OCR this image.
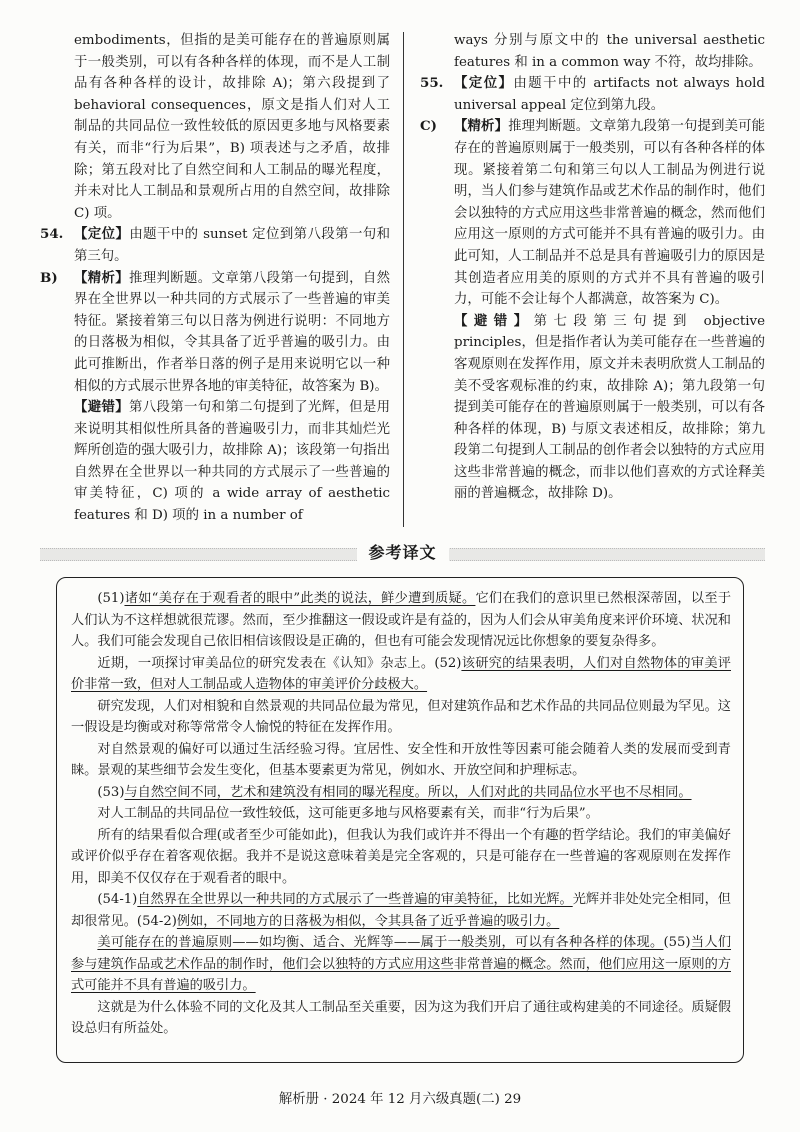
embodiments，但指的是美可能存在的普遍原则属于一般类别，可以有各种各样的体现，而不是人工制品有各种各样的设计，故排除 A)；第六段提到了 behavioral consequences，原文是指人们对人工制品的共同品位一致性较低的原因更多地与风格要素有关，而非“行为后果”，B) 项表述与之矛盾，故排除；第五段对比了自然空间和人工制品的曝光程度，并未对比人工制品和景观所占用的自然空间，故排除 C) 项。

54. 【定位】由题干中的 sunset 定位到第八段第一句和第三句。
B) 【精析】推理判断题。文章第八段第一句提到，自然界在全世界以一种共同的方式展示了一些普遍的审美特征。紧接着第三句以日落为例进行说明：不同地方的日落极为相似，令其具备了近乎普遍的吸引力。由此可推断出，作者举日落的例子是用来说明它以一种相似的方式展示世界各地的审美特征，故答案为 B)。
【避错】第八段第一句和第二句提到了光辉，但是用来说明其相似性所具备的普遍吸引力，而非其灿烂光辉所创造的强大吸引力，故排除 A)；该段第一句指出自然界在全世界以一种共同的方式展示了一些普遍的审美特征，C) 项的 a wide array of aesthetic features 和 D) 项的 in a number of

ways 分别与原文中的 the universal aesthetic features 和 in a common way 不符，故均排除。

55. 【定位】由题干中的 artifacts not always hold universal appeal 定位到第九段。
C) 【精析】推理判断题。文章第九段第一句提到美可能存在的普遍原则属于一般类别，可以有各种各样的体现。紧接着第二句和第三句以人工制品为例进行说明，当人们参与建筑作品或艺术作品的制作时，他们会以独特的方式应用这些非常普遍的概念，然而他们应用这一原则的方式可能并不具有普遍的吸引力。由此可知，人工制品并不总是具有普遍吸引力的原因是其创造者应用美的原则的方式并不具有普遍的吸引力，可能不会让每个人都满意，故答案为 C)。
【避错】第七段第三句提到 objective principles，但是指作者认为美可能存在一些普遍的客观原则在发挥作用，原文并未表明欣赏人工制品的美不受客观标准的约束，故排除 A)；第九段第一句提到美可能存在的普遍原则属于一般类别，可以有各种各样的体现，B) 与原文表述相反，故排除；第九段第二句提到人工制品的创作者会以独特的方式应用这些非常普遍的概念，而非以他们喜欢的方式诠释美丽的普遍概念，故排除 D)。
参考译文

(51)诸如“美存在于观看者的眼中”此类的说法，鲜少遭到质疑。它们在我们的意识里已然根深蒂固，以至于人们认为不这样想就很荒谬。然而，至少推翻这一假设或许是有益的，因为人们会从审美角度来评价环境、状况和人。我们可能会发现自己依旧相信该假设是正确的，但也有可能会发现情况远比你想象的要复杂得多。

近期，一项探讨审美品位的研究发表在《认知》杂志上。(52)该研究的结果表明，人们对自然物体的审美评价非常一致，但对人工制品或人造物体的审美评价分歧极大。

研究发现，人们对相貌和自然景观的共同品位最为常见，但对建筑作品和艺术作品的共同品位则最为罕见。这一假设是均衡或对称等常常令人愉悦的特征在发挥作用。

对自然景观的偏好可以通过生活经验习得。宜居性、安全性和开放性等因素可能会随着人类的发展而受到青睐。景观的某些细节会发生变化，但基本要素更为常见，例如水、开放空间和护理标志。

(53)与自然空间不同，艺术和建筑没有相同的曝光程度。所以，人们对此的共同品位水平也不尽相同。

对人工制品的共同品位一致性较低，这可能更多地与风格要素有关，而非“行为后果”。

所有的结果看似合理(或者至少可能如此)，但我认为我们或许并不得出一个有趣的哲学结论。我们的审美偏好或评价似乎存在着客观依据。我并不是说这意味着美是完全客观的，只是可能存在一些普遍的客观原则在发挥作用，即美不仅仅存在于观看者的眼中。

(54-1)自然界在全世界以一种共同的方式展示了一些普遍的审美特征，比如光辉。光辉并非处处完全相同，但却很常见。(54-2)例如，不同地方的日落极为相似，令其具备了近乎普遍的吸引力。

美可能存在的普遍原则——如均衡、适合、光辉等——属于一般类别，可以有各种各样的体现。(55)当人们参与建筑作品或艺术作品的制作时，他们会以独特的方式应用这些非常普遍的概念。然而，他们应用这一原则的方式可能并不具有普遍的吸引力。

这就是为什么体验不同的文化及其人工制品至关重要，因为这为我们开启了通往或构建美的不同途径。质疑假设总归有所益处。

解析册 · 2024 年 12 月六级真题(二) 29
